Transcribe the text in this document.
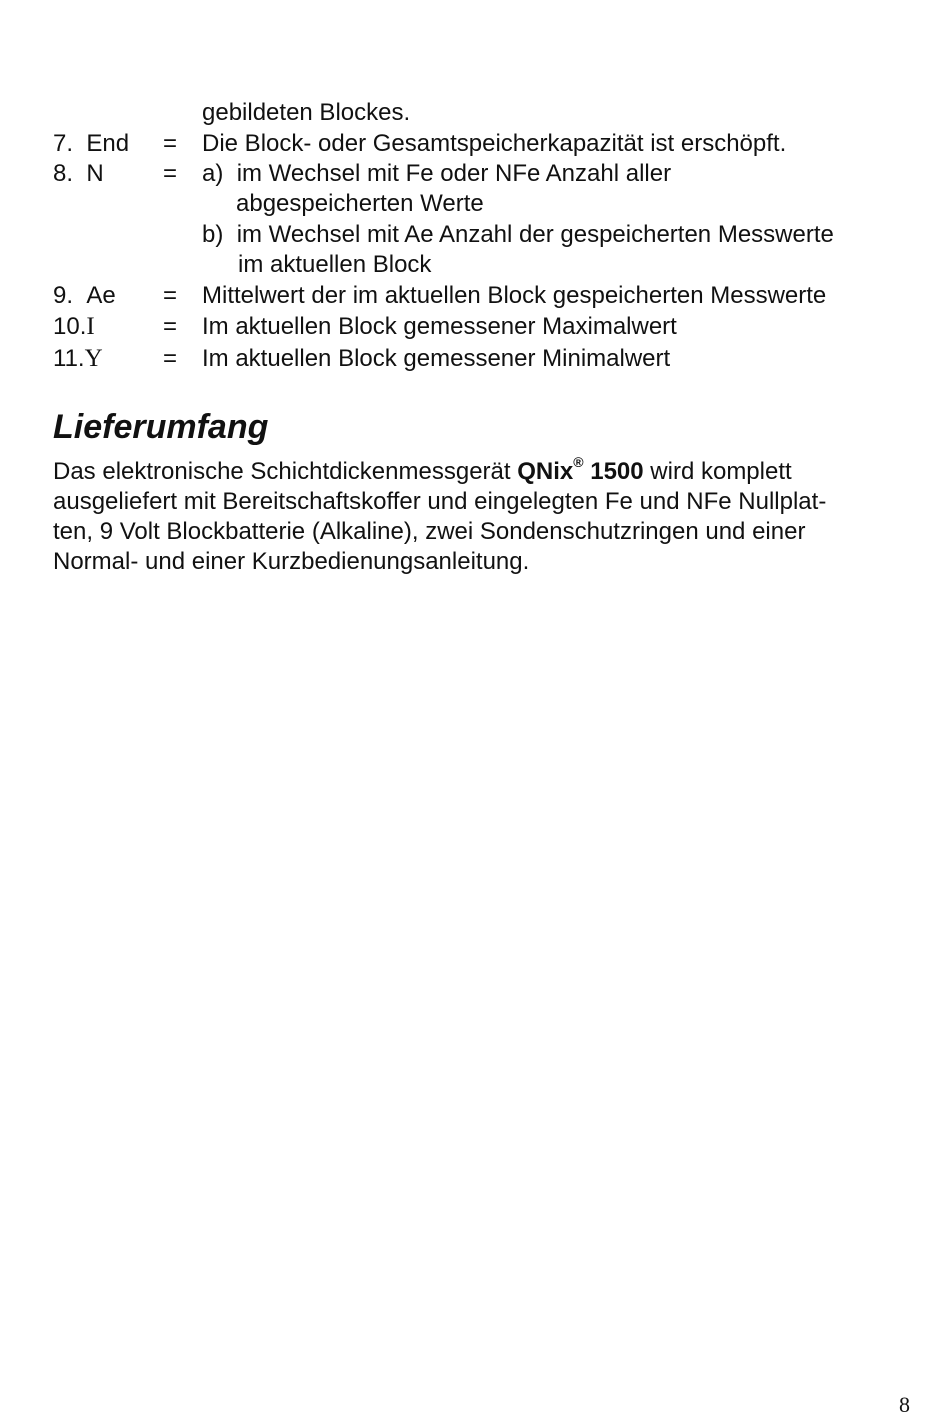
gebildeten Blockes.
7. End = Die Block- oder Gesamtspeicherkapazität ist erschöpft.
8. N = a) im Wechsel mit Fe oder NFe Anzahl aller
abgespeicherten Werte
b) im Wechsel mit Ae Anzahl der gespeicherten Messwerte
im aktuellen Block
9. Ae = Mittelwert der im aktuellen Block gespeicherten Messwerte
10.I	= Im aktuellen Block gemessener Maximalwert
11.Y	= Im aktuellen Block gemessener Minimalwert
Lieferumfang
Das elektronische Schichtdickenmessgerät QNix® 1500 wird komplett
ausgeliefert mit Bereitschaftskoffer und eingelegten Fe und NFe Nullplat-
ten, 9 Volt Blockbatterie (Alkaline), zwei Sondenschutzringen und einer
Normal- und einer Kurzbedienungsanleitung.
8
